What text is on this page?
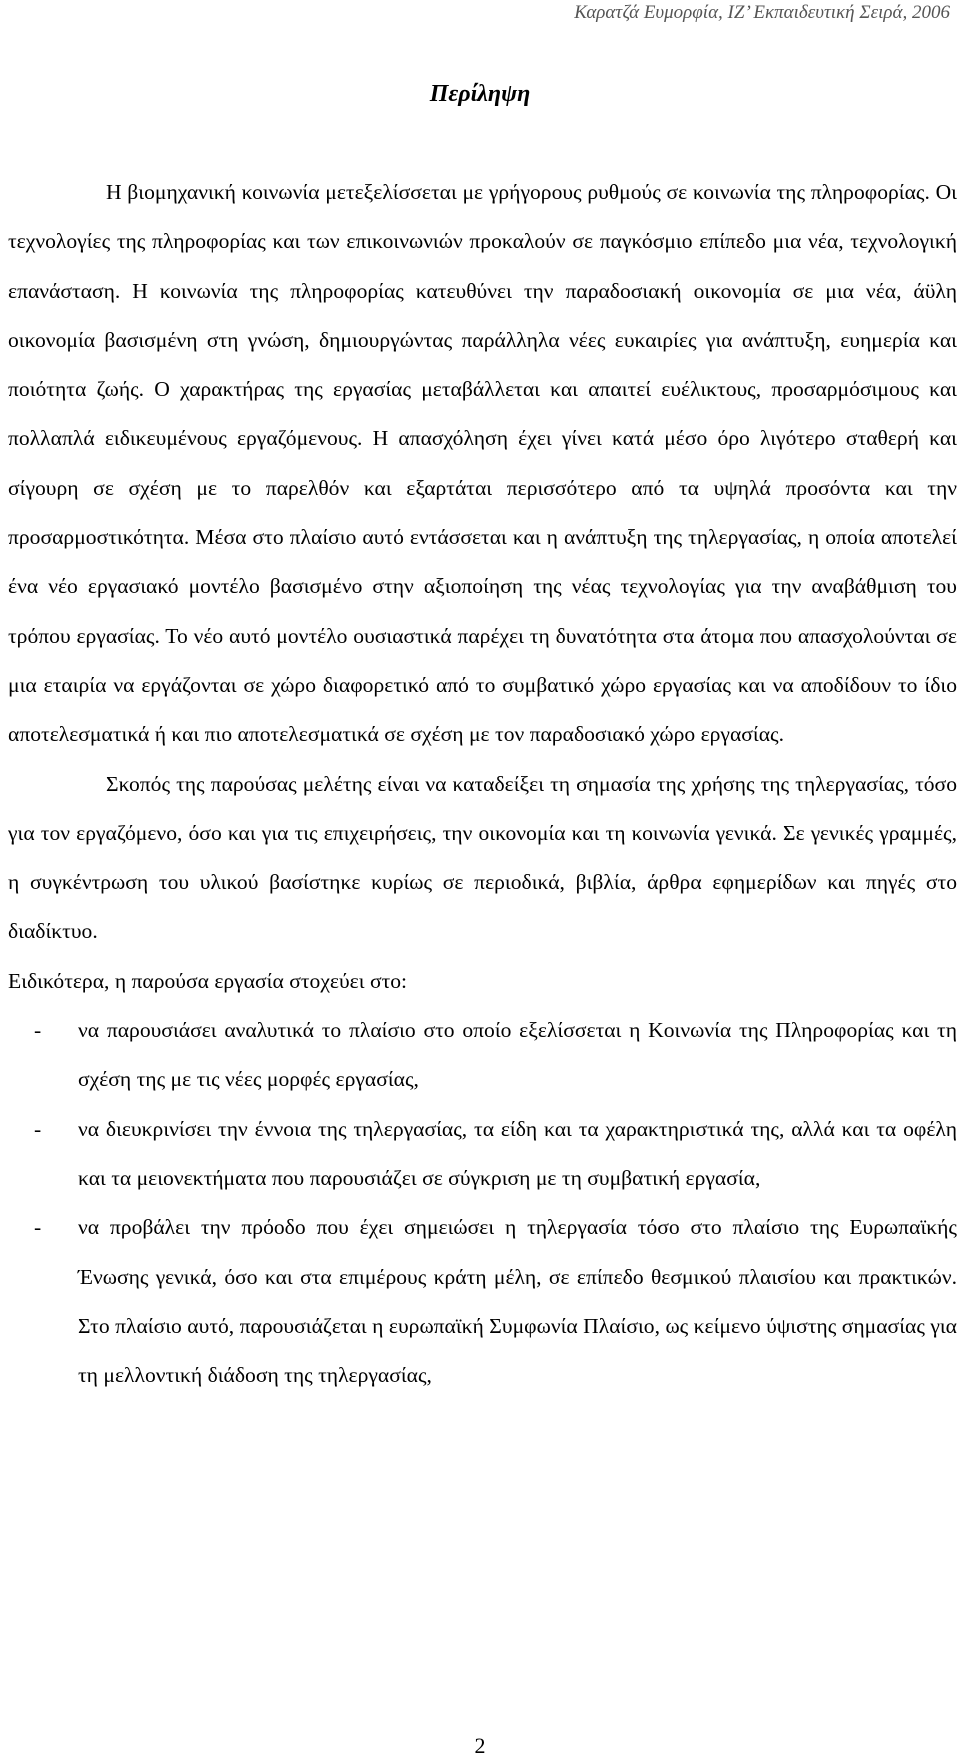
Καρατζά Ευμορφία, ΙΖ’ Εκπαιδευτική Σειρά, 2006
Περίληψη

Η βιομηχανική κοινωνία μετεξελίσσεται με γρήγορους ρυθμούς σε κοινωνία της πληροφορίας. Οι τεχνολογίες της πληροφορίας και των επικοινωνιών προκαλούν σε παγκόσμιο επίπεδο μια νέα, τεχνολογική επανάσταση. Η κοινωνία της πληροφορίας κατευθύνει την παραδοσιακή οικονομία σε μια νέα, άϋλη οικονομία βασισμένη στη γνώση, δημιουργώντας παράλληλα νέες ευκαιρίες για ανάπτυξη, ευημερία και ποιότητα ζωής. Ο χαρακτήρας της εργασίας μεταβάλλεται και απαιτεί ευέλικτους, προσαρμόσιμους και πολλαπλά ειδικευμένους εργαζόμενους. Η απασχόληση έχει γίνει κατά μέσο όρο λιγότερο σταθερή και σίγουρη σε σχέση με το παρελθόν και εξαρτάται περισσότερο από τα υψηλά προσόντα και την προσαρμοστικότητα. Μέσα στο πλαίσιο αυτό εντάσσεται και η ανάπτυξη της τηλεργασίας, η οποία αποτελεί ένα νέο εργασιακό μοντέλο βασισμένο στην αξιοποίηση της νέας τεχνολογίας για την αναβάθμιση του τρόπου εργασίας. Το νέο αυτό μοντέλο ουσιαστικά παρέχει τη δυνατότητα στα άτομα που απασχολούνται σε μια εταιρία να εργάζονται σε χώρο διαφορετικό από το συμβατικό χώρο εργασίας και να αποδίδουν το ίδιο αποτελεσματικά ή και πιο αποτελεσματικά σε σχέση με τον παραδοσιακό χώρο εργασίας.

Σκοπός της παρούσας μελέτης είναι να καταδείξει τη σημασία της χρήσης της τηλεργασίας, τόσο για τον εργαζόμενο, όσο και για τις επιχειρήσεις, την οικονομία και τη κοινωνία γενικά. Σε γενικές γραμμές, η συγκέντρωση του υλικού βασίστηκε κυρίως σε περιοδικά, βιβλία, άρθρα εφημερίδων και πηγές στο διαδίκτυο.

Ειδικότερα, η παρούσα εργασία στοχεύει στο:

-	να παρουσιάσει αναλυτικά το πλαίσιο στο οποίο εξελίσσεται η Κοινωνία της Πληροφορίας και τη σχέση της με τις νέες μορφές εργασίας,
-	να διευκρινίσει την έννοια της τηλεργασίας, τα είδη και τα χαρακτηριστικά της, αλλά και τα οφέλη και τα μειονεκτήματα που παρουσιάζει σε σύγκριση με τη συμβατική εργασία,
-	να προβάλει την πρόοδο που έχει σημειώσει η τηλεργασία τόσο στο πλαίσιο της Ευρωπαϊκής Ένωσης γενικά, όσο και στα επιμέρους κράτη μέλη, σε επίπεδο θεσμικού πλαισίου και πρακτικών. Στο πλαίσιο αυτό, παρουσιάζεται η ευρωπαϊκή Συμφωνία Πλαίσιο, ως κείμενο ύψιστης σημασίας για τη μελλοντική διάδοση της τηλεργασίας,
2
